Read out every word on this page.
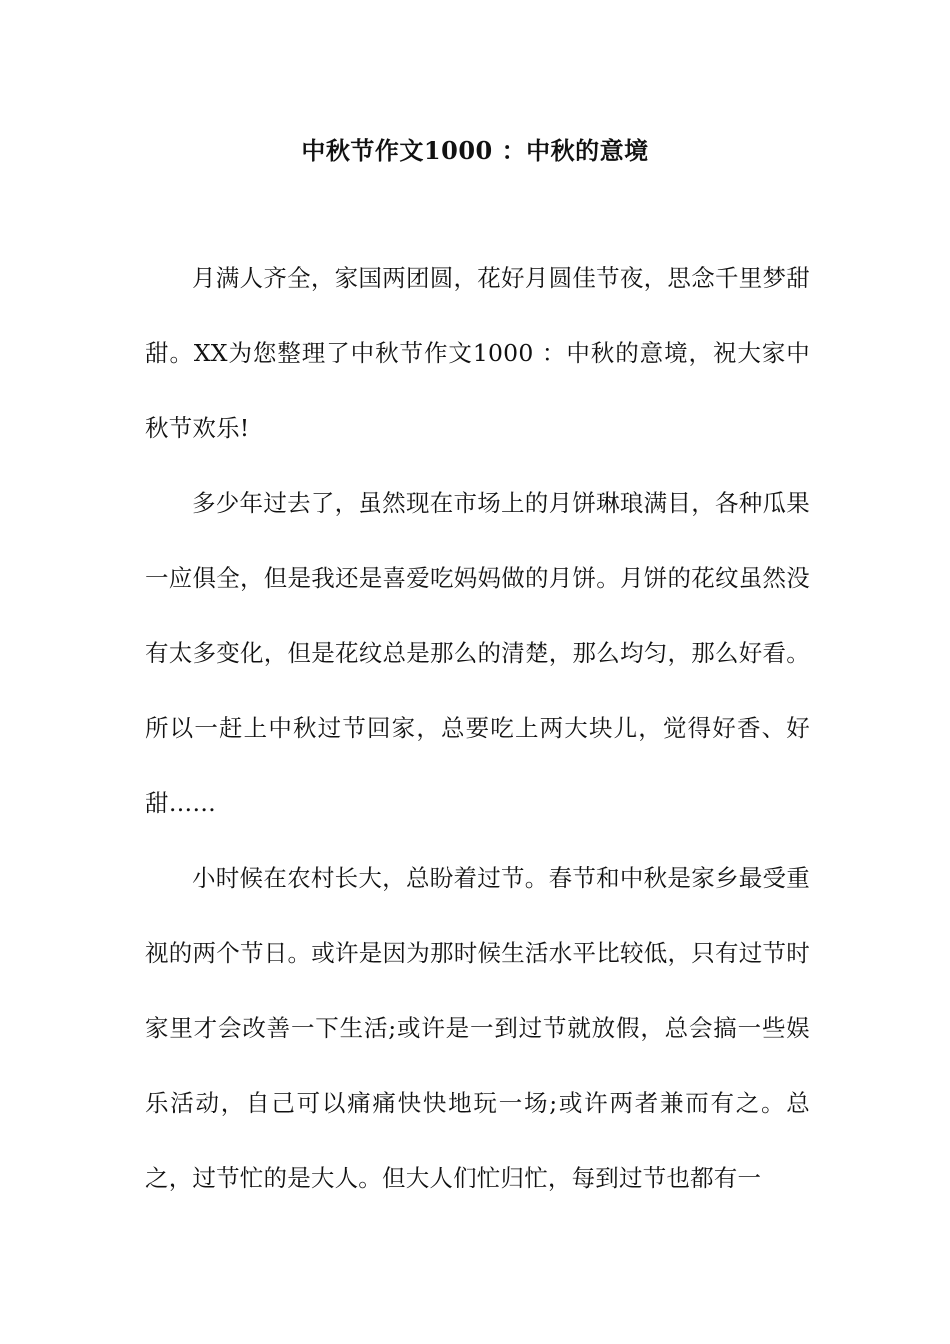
中秋节作文1000 ：中秋的意境

月满人齐全，家国两团圆，花好月圆佳节夜，思念千里梦甜甜。XX为您整理了中秋节作文1000 ：中秋的意境，祝大家中秋节欢乐!

多少年过去了，虽然现在市场上的月饼琳琅满目，各种瓜果一应俱全，但是我还是喜爱吃妈妈做的月饼。月饼的花纹虽然没有太多变化，但是花纹总是那么的清楚，那么均匀，那么好看。所以一赶上中秋过节回家，总要吃上两大块儿，觉得好香、好甜……

小时候在农村长大，总盼着过节。春节和中秋是家乡最受重视的两个节日。或许是因为那时候生活水平比较低，只有过节时家里才会改善一下生活;或许是一到过节就放假，总会搞一些娱乐活动，自己可以痛痛快快地玩一场;或许两者兼而有之。总之，过节忙的是大人。但大人们忙归忙，每到过节也都有一
